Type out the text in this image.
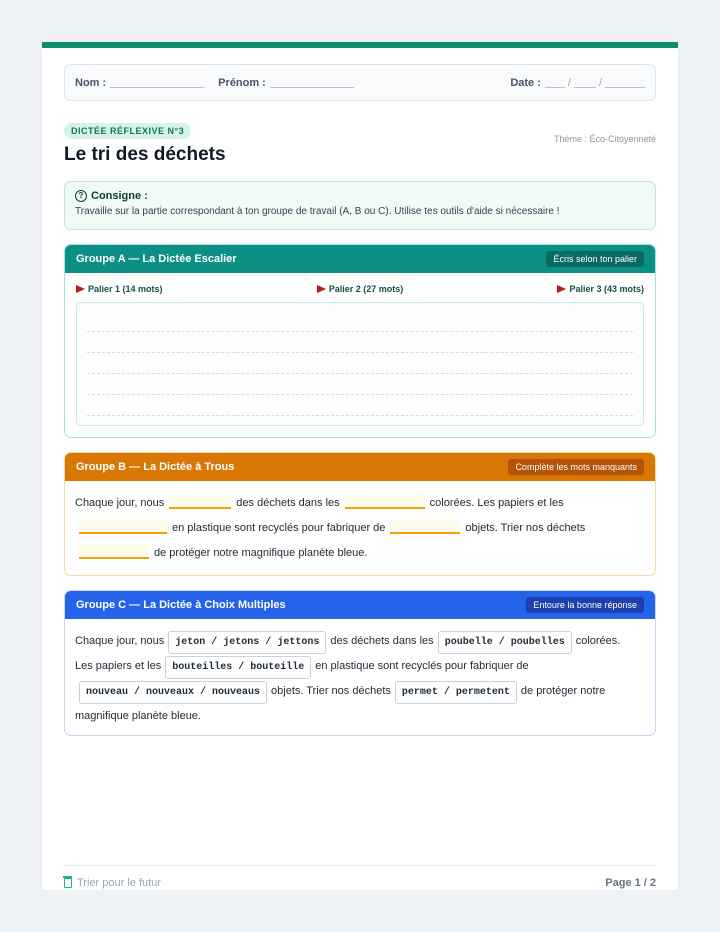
Nom :	Prénom :	Date : /	/
DICTÉE RÉFLEXIVE N°3
Le tri des déchets
Thème : Éco-Citoyenneté
? Consigne :
Travaille sur la partie correspondant à ton groupe de travail (A, B ou C). Utilise tes outils d'aide si nécessaire !
Groupe A — La Dictée Escalier	Écris selon ton palier
Palier 1 (14 mots)	Palier 2 (27 mots)	Palier 3 (43 mots)
Groupe B — La Dictée à Trous	Complète les mots manquants
Chaque jour, nous	des déchets dans les	colorées. Les papiers et les
en plastique sont recyclés pour fabriquer de	objets. Trier nos déchets
de protéger notre magnifique planète bleue.
Groupe C — La Dictée à Choix Multiples	Entoure la bonne réponse
Chaque jour, nous jeton / jetons / jettons des déchets dans les poubelle / poubelles colorées.
Les papiers et les bouteilles / bouteille en plastique sont recyclés pour fabriquer de
nouveau / nouveaux / nouveaus objets. Trier nos déchets permet / permetent de protéger notre
magnifique planète bleue.
Trier pour le futur	Page 1 / 2
